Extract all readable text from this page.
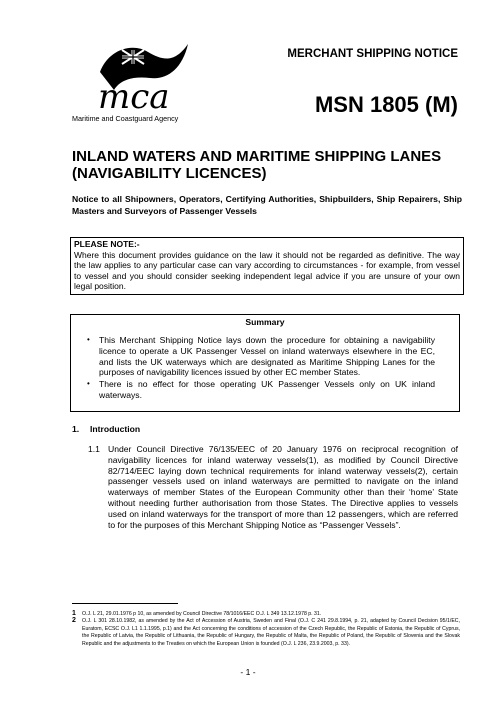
mca
MERCHANT SHIPPING NOTICE
MSN 1805 (M)
Maritime and Coastguard Agency
INLAND WATERS AND MARITIME SHIPPING LANES (NAVIGABILITY LICENCES)
Notice to all Shipowners, Operators, Certifying Authorities, Shipbuilders, Ship Repairers, Ship Masters and Surveyors of Passenger Vessels
PLEASE NOTE:-
Where this document provides guidance on the law it should not be regarded as definitive. The way the law applies to any particular case can vary according to circumstances - for example, from vessel to vessel and you should consider seeking independent legal advice if you are unsure of your own legal position.
Summary
• This Merchant Shipping Notice lays down the procedure for obtaining a navigability licence to operate a UK Passenger Vessel on inland waterways elsewhere in the EC, and lists the UK waterways which are designated as Maritime Shipping Lanes for the purposes of navigability licences issued by other EC member States.
• There is no effect for those operating UK Passenger Vessels only on UK inland waterways.
1. Introduction
1.1 Under Council Directive 76/135/EEC of 20 January 1976 on reciprocal recognition of navigability licences for inland waterway vessels(1), as modified by Council Directive 82/714/EEC laying down technical requirements for inland waterway vessels(2), certain passenger vessels used on inland waterways are permitted to navigate on the inland waterways of member States of the European Community other than their ‘home’ State without needing further authorisation from those States. The Directive applies to vessels used on inland waterways for the transport of more than 12 passengers, which are referred to for the purposes of this Merchant Shipping Notice as “Passenger Vessels”.
1 O.J. L 21, 29.01.1976 p 10, as amended by Council Directive 78/1016/EEC O.J. L 349 13.12.1978 p. 31.
2 O.J. L 301 28.10.1982, as amended by the Act of Accession of Austria, Sweden and Final (O.J. C 241 29.8.1994, p. 21, adapted by Council Decision 95/1/EC, Euratom, ECSC O.J. L1 1.1.1995, p.1) and the Act concerning the conditions of accession of the Czech Republic, the Republic of Estonia, the Republic of Cyprus, the Republic of Latvia, the Republic of Lithuania, the Republic of Hungary, the Republic of Malta, the Republic of Poland, the Republic of Slovenia and the Slovak Republic and the adjustments to the Treaties on which the European Union is founded (O.J. L 236, 23.9.2003, p. 33).
- 1 -
